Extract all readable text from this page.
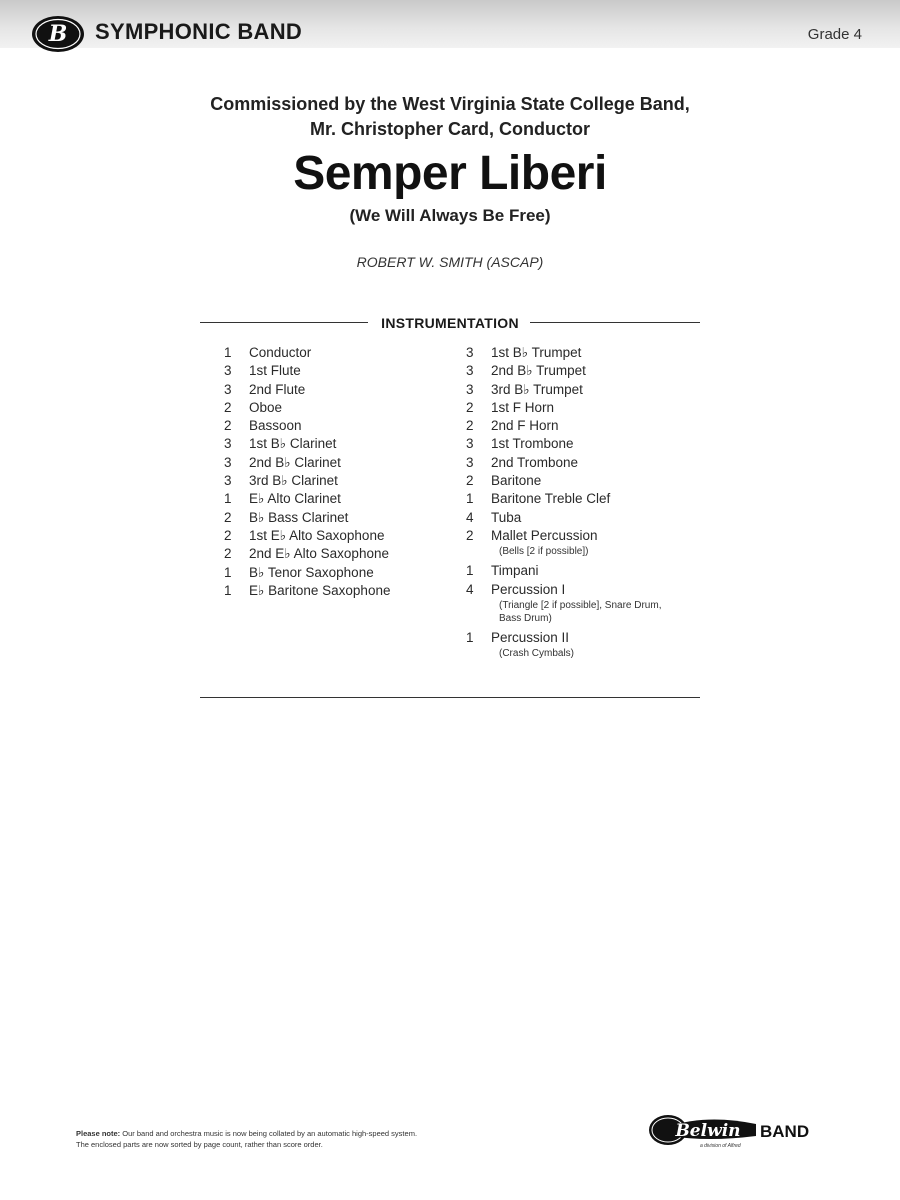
B SYMPHONIC BAND	Grade 4
Commissioned by the West Virginia State College Band,
Mr. Christopher Card, Conductor
Semper Liberi
(We Will Always Be Free)
ROBERT W. SMITH (ASCAP)
INSTRUMENTATION
1	Conductor
3	1st Flute
3	2nd Flute
2	Oboe
2	Bassoon
3	1st B♭ Clarinet
3	2nd B♭ Clarinet
3	3rd B♭ Clarinet
1	E♭ Alto Clarinet
2	B♭ Bass Clarinet
2	1st E♭ Alto Saxophone
2	2nd E♭ Alto Saxophone
1	B♭ Tenor Saxophone
1	E♭ Baritone Saxophone
3	1st B♭ Trumpet
3	2nd B♭ Trumpet
3	3rd B♭ Trumpet
2	1st F Horn
2	2nd F Horn
3	1st Trombone
3	2nd Trombone
2	Baritone
1	Baritone Treble Clef
4	Tuba
2	Mallet Percussion
(Bells [2 if possible])
1	Timpani
4	Percussion I
(Triangle [2 if possible], Snare Drum,
Bass Drum)
1	Percussion II
(Crash Cymbals)
Please note: Our band and orchestra music is now being collated by an automatic high-speed system.
The enclosed parts are now sorted by page count, rather than score order.
Belwin BAND
a division of Alfred
